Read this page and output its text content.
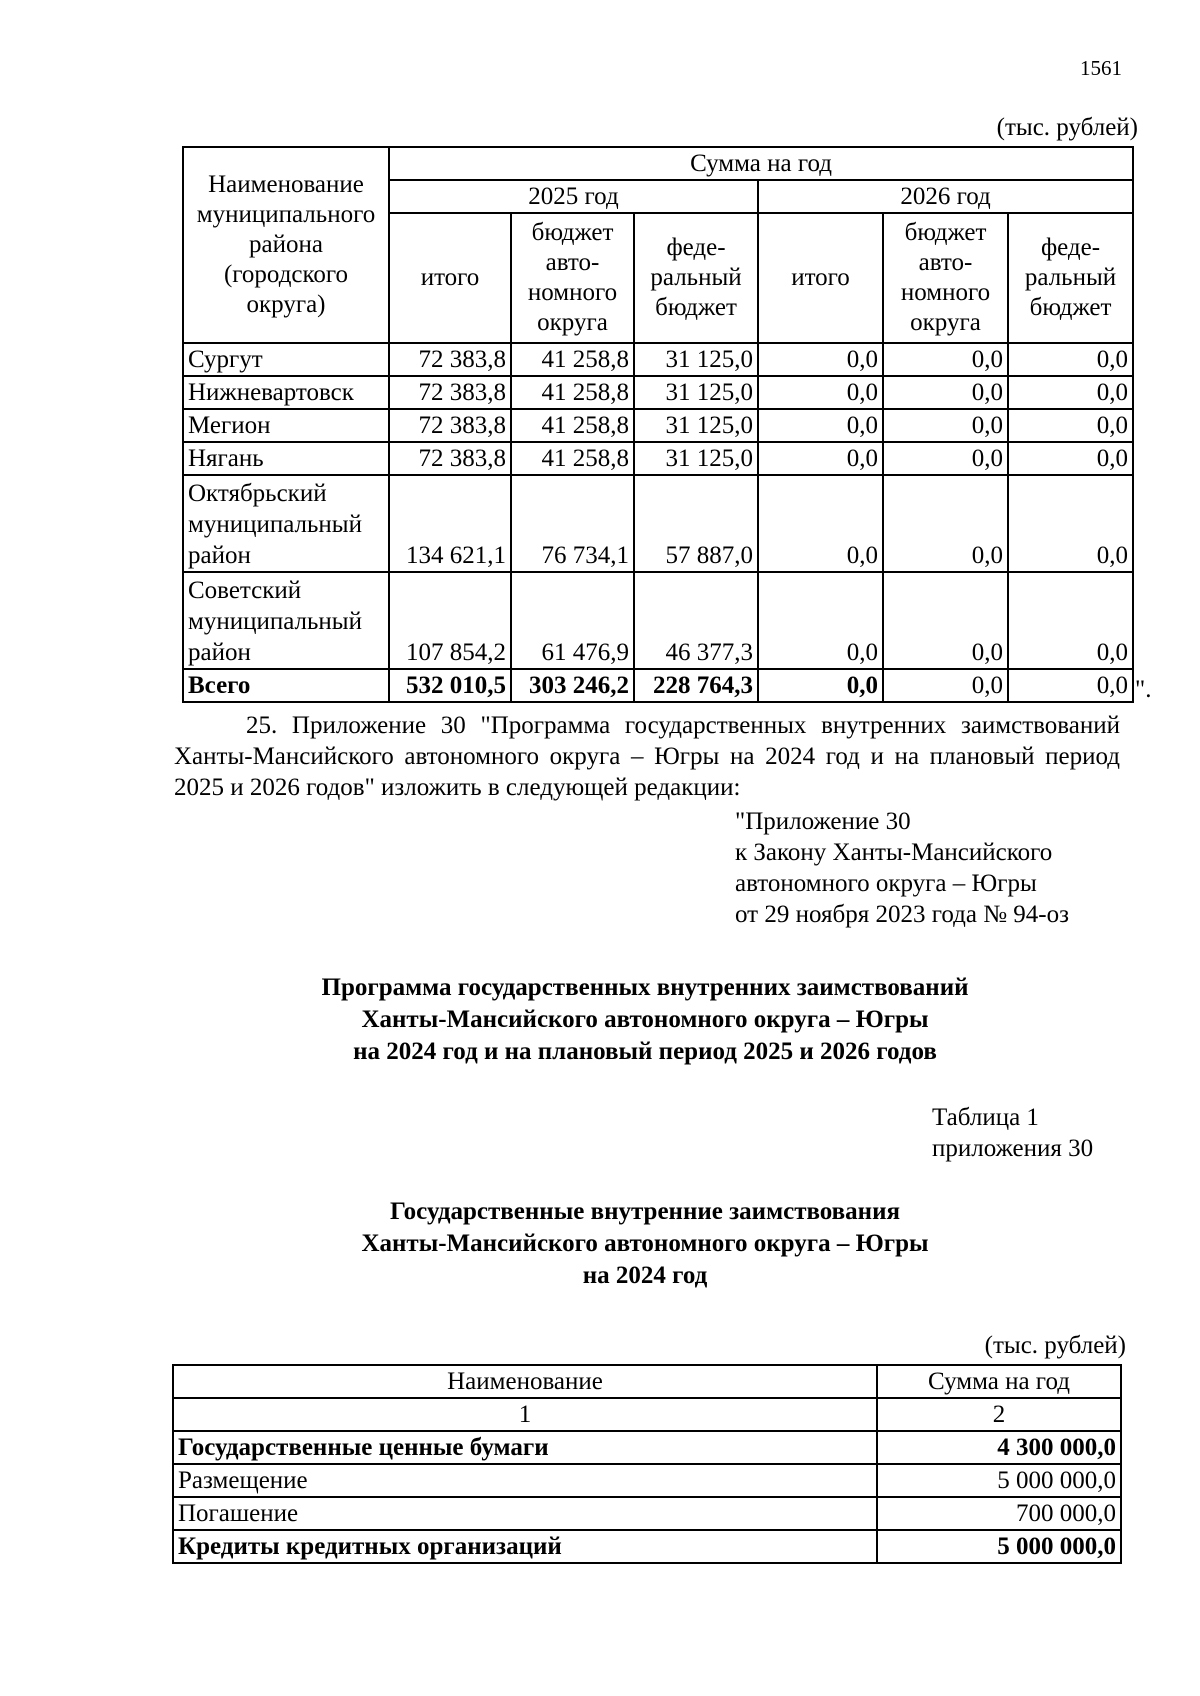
1561
(тыс. рублей)
Наименование муниципального района (городского округа)	Сумма на год					
	2025 год			2026 год		
	итого	бюджет авто-номного округа	феде-ральный бюджет	итого	бюджет авто-номного округа	феде-ральный бюджет
Сургут	72 383,8	41 258,8	31 125,0	0,0	0,0	0,0
Нижневартовск	72 383,8	41 258,8	31 125,0	0,0	0,0	0,0
Мегион	72 383,8	41 258,8	31 125,0	0,0	0,0	0,0
Нягань	72 383,8	41 258,8	31 125,0	0,0	0,0	0,0
Октябрьский муниципальный район	134 621,1	76 734,1	57 887,0	0,0	0,0	0,0
Советский муниципальный район	107 854,2	61 476,9	46 377,3	0,0	0,0	0,0
Всего	532 010,5	303 246,2	228 764,3	0,0	0,0	0,0 ".
25. Приложение 30 "Программа государственных внутренних заимствований Ханты-Мансийского автономного округа – Югры на 2024 год и на плановый период 2025 и 2026 годов" изложить в следующей редакции:
"Приложение 30
к Закону Ханты-Мансийского
автономного округа – Югры
от 29 ноября 2023 года № 94-оз
Программа государственных внутренних заимствований
Ханты-Мансийского автономного округа – Югры
на 2024 год и на плановый период 2025 и 2026 годов
Таблица 1
приложения 30
Государственные внутренние заимствования
Ханты-Мансийского автономного округа – Югры
на 2024 год
(тыс. рублей)
Наименование	Сумма на год
1	2
Государственные ценные бумаги	4 300 000,0
Размещение	5 000 000,0
Погашение	700 000,0
Кредиты кредитных организаций	5 000 000,0
